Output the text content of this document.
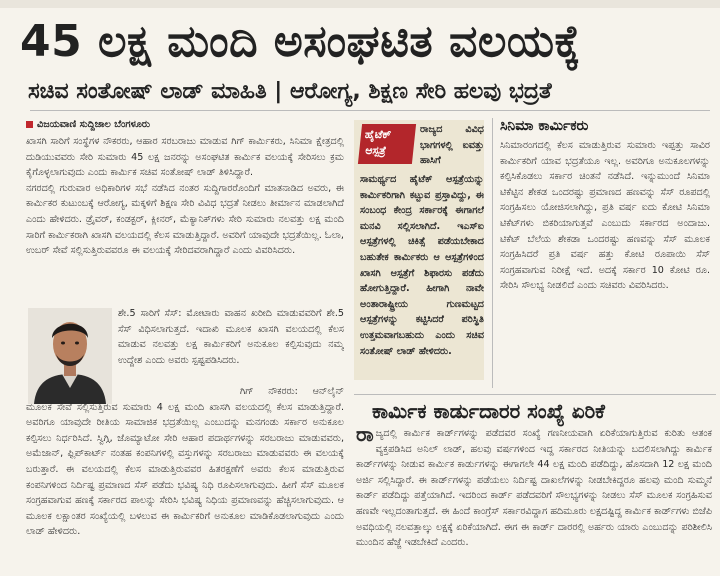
45 ಲಕ್ಷ ಮಂದಿ ಅಸಂಘಟಿತ ವಲಯಕ್ಕೆ
ಸಚಿವ ಸಂತೋಷ್ ಲಾಡ್ ಮಾಹಿತಿ | ಆರೋಗ್ಯ, ಶಿಕ್ಷಣ ಸೇರಿ ಹಲವು ಭದ್ರತೆ
ವಿಜಯವಾಣಿ ಸುದ್ದಿಜಾಲ ಬೆಂಗಳೂರು

ಖಾಸಗಿ ಸಾರಿಗೆ ಸಂಸ್ಥೆಗಳ ನೌಕರರು, ಆಹಾರ ಸರಬರಾಜು ಮಾಡುವ ಗಿಗ್ ಕಾರ್ಮಿಕರು, ಸಿನಿಮಾ ಕ್ಷೇತ್ರದಲ್ಲಿ ದುಡಿಯುವವರು ಸೇರಿ ಸುಮಾರು 45 ಲಕ್ಷ ಜನರನ್ನು ಅಸಂಘಟಿತ ಕಾರ್ಮಿಕ ವಲಯಕ್ಕೆ ಸೇರಿಸಲು ಕ್ರಮ ಕೈಗೊಳ್ಳಲಾಗುವುದು ಎಂದು ಕಾರ್ಮಿಕ ಸಚಿವ ಸಂತೋಷ್ ಲಾಡ್ ತಿಳಿಸಿದ್ದಾರೆ.

ನಗರದಲ್ಲಿ ಗುರುವಾರ ಅಧಿಕಾರಿಗಳ ಸಭೆ ನಡೆಸಿದ ನಂತರ ಸುದ್ದಿಗಾರರೊಂದಿಗೆ ಮಾತನಾಡಿದ ಅವರು, ಈ ಕಾರ್ಮಿಕರ ಕುಟುಂಬಕ್ಕೆ ಆರೋಗ್ಯ, ಮಕ್ಕಳಿಗೆ ಶಿಕ್ಷಣ ಸೇರಿ ವಿವಿಧ ಭದ್ರತೆ ನೀಡಲು ತೀರ್ಮಾನ ಮಾಡಲಾಗಿದೆ ಎಂದು ಹೇಳಿದರು. ಡ್ರೈವರ್, ಕಂಡಕ್ಟರ್, ಕ್ಲೀನರ್, ಮೆಕ್ಯಾನಿಕ್‌ಗಳು ಸೇರಿ ಸುಮಾರು ನಲವತ್ತು ಲಕ್ಷ ಮಂದಿ ಸಾರಿಗೆ ಕಾರ್ಮಿಕರಾಗಿ ಖಾಸಗಿ ವಲಯದಲ್ಲಿ ಕೆಲಸ ಮಾಡುತ್ತಿದ್ದಾರೆ. ಅವರಿಗೆ ಯಾವುದೇ ಭದ್ರತೆಯಿಲ್ಲ. ಓಲಾ, ಉಬರ್ ಸೇವೆ ಸಲ್ಲಿಸುತ್ತಿರುವವರೂ ಈ ವಲಯಕ್ಕೆ ಸೇರಿದವರಾಗಿದ್ದಾರೆ ಎಂದು ವಿವರಿಸಿದರು.

ಶೇ.5 ಸಾರಿಗೆ ಸೆಸ್: ಮೋಟಾರು ವಾಹನ ಖರೀದಿ ಮಾಡುವವರಿಗೆ ಶೇ.5 ಸೆಸ್ ವಿಧಿಸಲಾಗುತ್ತದೆ. ಇದಾಖಿ ಮೂಲಕ ಖಾಸಗಿ ವಲಯದಲ್ಲಿ ಕೆಲಸ ಮಾಡುವ ನಲವತ್ತು ಲಕ್ಷ ಕಾರ್ಮಿಕರಿಗೆ ಅನುಕೂಲ ಕಲ್ಪಿಸುವುದು ನಮ್ಮ ಉದ್ದೇಶ ಎಂದು ಅವರು ಸ್ಪಷ್ಟಪಡಿಸಿದರು.

ಗಿಗ್ ನೌಕರರು: ಆನ್‌ಲೈನ್ ಮೂಲಕ ಸೇವೆ ಸಲ್ಲಿಸುತ್ತಿರುವ ಸುಮಾರು 4 ಲಕ್ಷ ಮಂದಿ ಖಾಸಗಿ ವಲಯದಲ್ಲಿ ಕೆಲಸ ಮಾಡುತ್ತಿದ್ದಾರೆ. ಅವರಿಗೂ ಯಾವುದೇ ರೀತಿಯ ಸಾಮಾಜಿಕ ಭದ್ರತೆಯಿಲ್ಲ ಎಂಬುದನ್ನು ಮನಗಂಡು ಸರ್ಕಾರ ಅನುಕೂಲ ಕಲ್ಪಿಸಲು ನಿರ್ಧರಿಸಿದೆ. ಸ್ವಿಗ್ಗಿ, ಜೊಮ್ಯಾಟೋ ಸೇರಿ ಆಹಾರ ಪದಾರ್ಥಗಳನ್ನು ಸರಬರಾಜು ಮಾಡುವವರು, ಅಮೆಜಾನ್, ಫ್ಲಿಪ್‌ಕಾರ್ಟ್ ನಂತಹ ಕಂಪನಿಗಳಲ್ಲಿ ವಸ್ತುಗಳನ್ನು ಸರಬರಾಜು ಮಾಡುವವರು ಈ ವಲಯಕ್ಕೆ ಬರುತ್ತಾರೆ. ಈ ವಲಯದಲ್ಲಿ ಕೆಲಸ ಮಾಡುತ್ತಿರುವವರ ಹಿತರಕ್ಷಣೆಗೆ ಅವರು ಕೆಲಸ ಮಾಡುತ್ತಿರುವ ಕಂಪನಿಗಳಿಂದ ನಿರ್ದಿಷ್ಟ ಪ್ರಮಾಣದ ಸೆಸ್ ಪಡೆದು ಭವಿಷ್ಯ ನಿಧಿ ರೂಪಿಸಲಾಗುವುದು. ಹೀಗೆ ಸೆಸ್ ಮೂಲಕ ಸಂಗ್ರಹವಾಗುವ ಹಣಕ್ಕೆ ಸರ್ಕಾರದ ಪಾಲನ್ನು ಸೇರಿಸಿ ಭವಿಷ್ಯ ನಿಧಿಯ ಪ್ರಮಾಣವನ್ನು ಹೆಚ್ಚಿಸಲಾಗುವುದು. ಆ ಮೂಲಕ ಲಕ್ಷಾಂತರ ಸಂಖ್ಯೆಯಲ್ಲಿ ಬಳಲುವ ಈ ಕಾರ್ಮಿಕರಿಗೆ ಅನುಕೂಲ ಮಾಡಿಕೊಡಲಾಗುವುದು ಎಂದು ಲಾಡ್ ಹೇಳಿದರು.

ಹೈಟೆಕ್
ಆಸ್ಪತ್ರೆ

ರಾಜ್ಯದ ವಿವಿಧ ಭಾಗಗಳಲ್ಲಿ ಐವತ್ತು ಹಾಸಿಗೆ

ಸಾಮರ್ಥ್ಯದ ಹೈಟೆಕ್ ಆಸ್ಪತ್ರೆಯನ್ನು ಕಾರ್ಮಿಕರಿಗಾಗಿ ಕಟ್ಟುವ ಪ್ರಸ್ತಾವಿದ್ದು, ಈ ಸಂಬಂಧ ಕೇಂದ್ರ ಸರ್ಕಾರಕ್ಕೆ ಈಗಾಗಲೆ ಮನವಿ ಸಲ್ಲಿಸಲಾಗಿದೆ. ಇಎಸ್‌ಐ ಆಸ್ಪತ್ರೆಗಳಲ್ಲಿ ಚಿಕಿತ್ಸೆ ಪಡೆಯಬೇಕಾದ ಬಹುತೇಕ ಕಾರ್ಮಿಕರು ಆ ಆಸ್ಪತ್ರೆಗಳಿಂದ ಖಾಸಗಿ ಆಸ್ಪತ್ರೆಗೆ ಶಿಫಾರಸು ಪಡೆದು ಹೋಗುತ್ತಿದ್ದಾರೆ. ಹೀಗಾಗಿ ನಾವೇ ಅಂತಾರಾಷ್ಟ್ರೀಯ ಗುಣಮಟ್ಟದ ಆಸ್ಪತ್ರೆಗಳನ್ನು ಕಟ್ಟಿಸಿದರೆ ಪರಿಸ್ಥಿತಿ ಉತ್ತಮವಾಗಬಹುದು ಎಂದು ಸಚಿವ ಸಂತೋಷ್ ಲಾಡ್ ಹೇಳಿದರು.

ಸಿನಿಮಾ ಕಾರ್ಮಿಕರು

ಸಿನಿಮಾರಂಗದಲ್ಲಿ ಕೆಲಸ ಮಾಡುತ್ತಿರುವ ಸುಮಾರು ಇಪ್ಪತ್ತು ಸಾವಿರ ಕಾರ್ಮಿಕರಿಗೆ ಯಾವ ಭದ್ರತೆಯೂ ಇಲ್ಲ. ಅವರಿಗೂ ಅನುಕೂಲಗಳನ್ನು ಕಲ್ಪಿಸಿಕೊಡಲು ಸರ್ಕಾರ ಚಿಂತನೆ ನಡೆಸಿದೆ. ಇನ್ನುಮುಂದೆ ಸಿನಿಮಾ ಟಿಕೆಟ್ಟಿನ ಶೇಕಡ ಒಂದರಷ್ಟು ಪ್ರಮಾಣದ ಹಣವನ್ನು ಸೆಸ್ ರೂಪದಲ್ಲಿ ಸಂಗ್ರಹಿಸಲು ಯೋಜಿಸಲಾಗಿದ್ದು, ಪ್ರತಿ ವರ್ಷ ಐದು ಕೋಟಿ ಸಿನಿಮಾ ಟಿಕೆಟ್‌ಗಳು ಬಿಕರಿಯಾಗುತ್ತವೆ ಎಂಬುದು ಸರ್ಕಾರದ ಅಂದಾಜು. ಟಿಕೆಟ್ ಬೆಲೆಯ ಶೇಕಡಾ ಒಂದರಷ್ಟು ಹಣವನ್ನು ಸೆಸ್ ಮೂಲಕ ಸಂಗ್ರಹಿಸಿದರೆ ಪ್ರತಿ ವರ್ಷ ಹತ್ತು ಕೋಟಿ ರೂಪಾಯಿ ಸೆಸ್ ಸಂಗ್ರಹವಾಗುವ ನಿರೀಕ್ಷೆ ಇದೆ. ಅದಕ್ಕೆ ಸರ್ಕಾರ 10 ಕೋಟಿ ರೂ. ಸೇರಿಸಿ ಸೌಲಭ್ಯ ನೀಡಲಿದೆ ಎಂದು ಸಚಿವರು ವಿವರಿಸಿದರು.

ಕಾರ್ಮಿಕ ಕಾರ್ಡುದಾರರ ಸಂಖ್ಯೆ ಏರಿಕೆ

ರಾಜ್ಯದಲ್ಲಿ ಕಾರ್ಮಿಕ ಕಾರ್ಡ್‌ಗಳನ್ನು ಪಡೆದವರ ಸಂಖ್ಯೆ ಗಣನೀಯವಾಗಿ ಏರಿಕೆಯಾಗುತ್ತಿರುವ ಕುರಿತು ಆತಂಕ ವ್ಯಕ್ತಪಡಿಸಿದ ಅನಿಲ್ ಲಾಡ್, ಹಲವು ವರ್ಷಗಳಿಂದ ಇದ್ದ ಸರ್ಕಾರದ ನೀತಿಯನ್ನು ಬದಲಿಸಲಾಗಿದ್ದು ಕಾರ್ಮಿಕ ಕಾರ್ಡ್‌ಗಳನ್ನು ನೀಡುವ ಕಾರ್ಮಿಕ ಕಾರ್ಡುಗಳನ್ನು ಈಗಾಗಲೇ 44 ಲಕ್ಷ ಮಂದಿ ಪಡೆದಿದ್ದು, ಹೊಸದಾಗಿ 12 ಲಕ್ಷ ಮಂದಿ ಅರ್ಜಿ ಸಲ್ಲಿಸಿದ್ದಾರೆ. ಈ ಕಾರ್ಡ್‌ಗಳನ್ನು ಪಡೆಯಲು ನಿರ್ದಿಷ್ಟ ದಾಖಲೆಗಳನ್ನು ನೀಡಬೇಕಿದ್ದರೂ ಹಲವು ಮಂದಿ ಸುಮ್ಮನೆ ಕಾರ್ಡ್ ಪಡೆದಿದ್ದು ಪತ್ತೆಯಾಗಿದೆ. ಇದರಿಂದ ಕಾರ್ಡ್ ಪಡೆದವರಿಗೆ ಸೌಲಭ್ಯಗಳನ್ನು ನೀಡಲು ಸೆಸ್ ಮೂಲಕ ಸಂಗ್ರಹಿಸುವ ಹಣವೇ ಇಲ್ಲದಂತಾಗುತ್ತದೆ. ಈ ಹಿಂದೆ ಕಾಂಗ್ರೆಸ್ ಸರ್ಕಾರವಿದ್ದಾಗ ಹದಿಮೂರು ಲಕ್ಷದಷ್ಟಿದ್ದ ಕಾರ್ಮಿಕ ಕಾರ್ಡ್‌ಗಳು ಬಿಜೆಪಿ ಅವಧಿಯಲ್ಲಿ ನಲವತ್ತಾಲ್ಕು ಲಕ್ಷಕ್ಕೆ ಏರಿಕೆಯಾಗಿದೆ. ಈಗ ಈ ಕಾರ್ಡ್ ದಾರರಲ್ಲಿ ಅರ್ಹರು ಯಾರು ಎಂಬುದನ್ನು ಪರಿಶೀಲಿಸಿ ಮುಂದಿನ ಹೆಜ್ಜೆ ಇಡಬೇಕಿದೆ ಎಂದರು.
